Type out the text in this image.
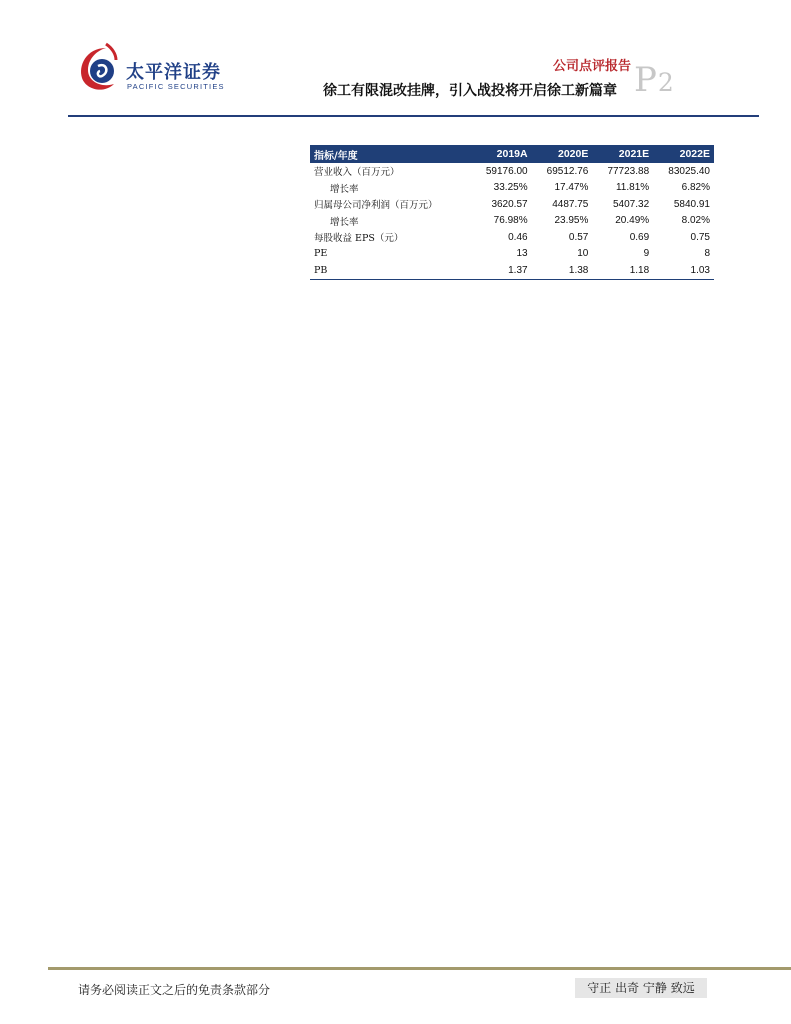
太平洋证券
PACIFIC SECURITIES
公司点评报告
徐工有限混改挂牌，引入战投将开启徐工新篇章 P2
指标/年度	2019A	2020E	2021E	2022E
营业收入（百万元）	59176.00	69512.76	77723.88	83025.40
增长率	33.25%	17.47%	11.81%	6.82%
归属母公司净利润（百万元）	3620.57	4487.75	5407.32	5840.91
增长率	76.98%	23.95%	20.49%	8.02%
每股收益 EPS（元）	0.46	0.57	0.69	0.75
PE	13	10	9	8
PB	1.37	1.38	1.18	1.03
请务必阅读正文之后的免责条款部分	守正 出奇 宁静 致远
